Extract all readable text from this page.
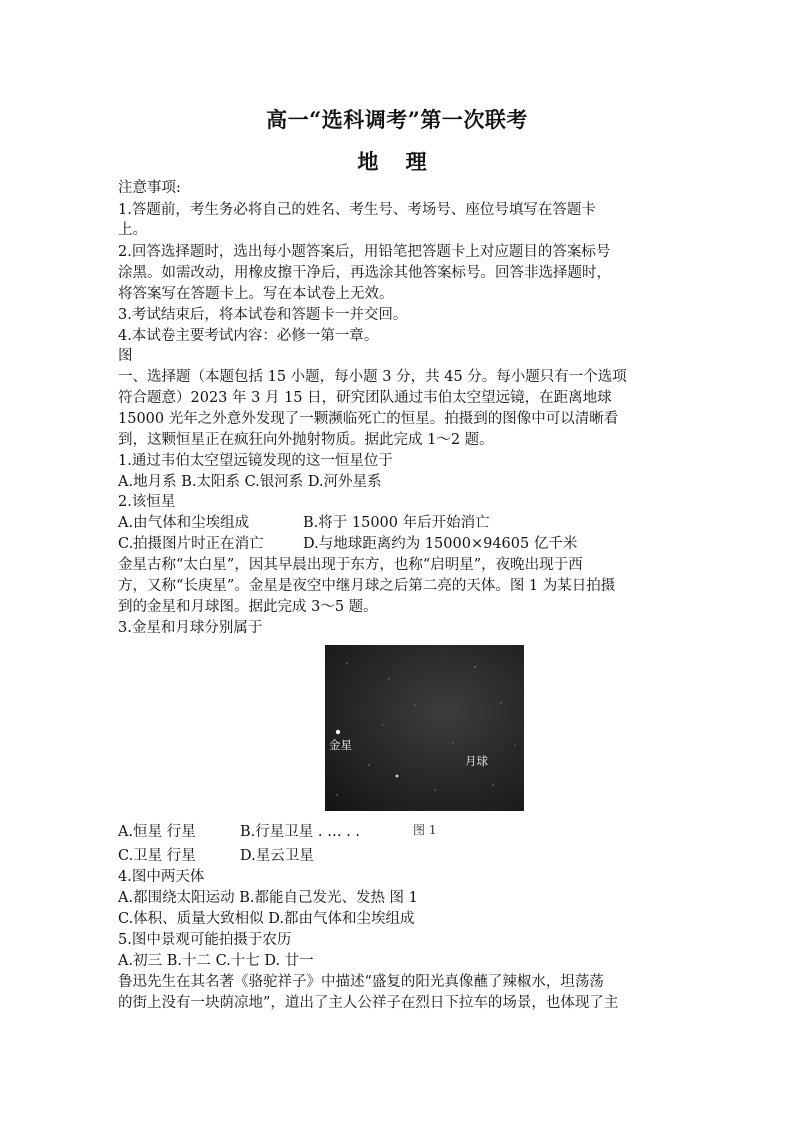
高一“选科调考”第一次联考
地 理
注意事项:
1.答题前，考生务必将自己的姓名、考生号、考场号、座位号填写在答题卡
上。
2.回答选择题时，选出每小题答案后，用铅笔把答题卡上对应题目的答案标号
涂黑。如需改动，用橡皮擦干净后，再选涂其他答案标号。回答非选择题时，
将答案写在答题卡上。写在本试卷上无效。
3.考试结束后，将本试卷和答题卡一并交回。
4.本试卷主要考试内容：必修一第一章。
图
一、选择题（本题包括 15 小题，每小题 3 分，共 45 分。每小题只有一个选项
符合题意）2023 年 3 月 15 日，研究团队通过韦伯太空望远镜，在距离地球
15000 光年之外意外发现了一颗濒临死亡的恒星。拍摄到的图像中可以清晰看
到，这颗恒星正在疯狂向外抛射物质。据此完成 1～2 题。
1.通过韦伯太空望远镜发现的这一恒星位于
A.地月系 B.太阳系 C.银河系 D.河外星系
2.该恒星
A.由气体和尘埃组成	B.将于 15000 年后开始消亡
C.拍摄图片时正在消亡	D.与地球距离约为 15000×94605 亿千米
金星古称“太白星”，因其早晨出现于东方，也称“启明星”，夜晚出现于西
方，又称“长庚星”。金星是夜空中继月球之后第二亮的天体。图 1 为某日拍摄
到的金星和月球图。据此完成 3～5 题。
3.金星和月球分别属于
金星
月球
A.恒星 行星	B.行星卫星 . … . .	图 1
C.卫星 行星	D.星云卫星
4.图中两天体
A.都围绕太阳运动 B.都能自己发光、发热 图 1
C.体积、质量大致相似 D.都由气体和尘埃组成
5.图中景观可能拍摄于农历
A.初三 B.十二 C.十七 D. 廿一
鲁迅先生在其名著《骆驼祥子》中描述“盛复的阳光真像蘸了辣椒水，坦荡荡
的街上没有一块荫凉地”，道出了主人公祥子在烈日下拉车的场景，也体现了主
